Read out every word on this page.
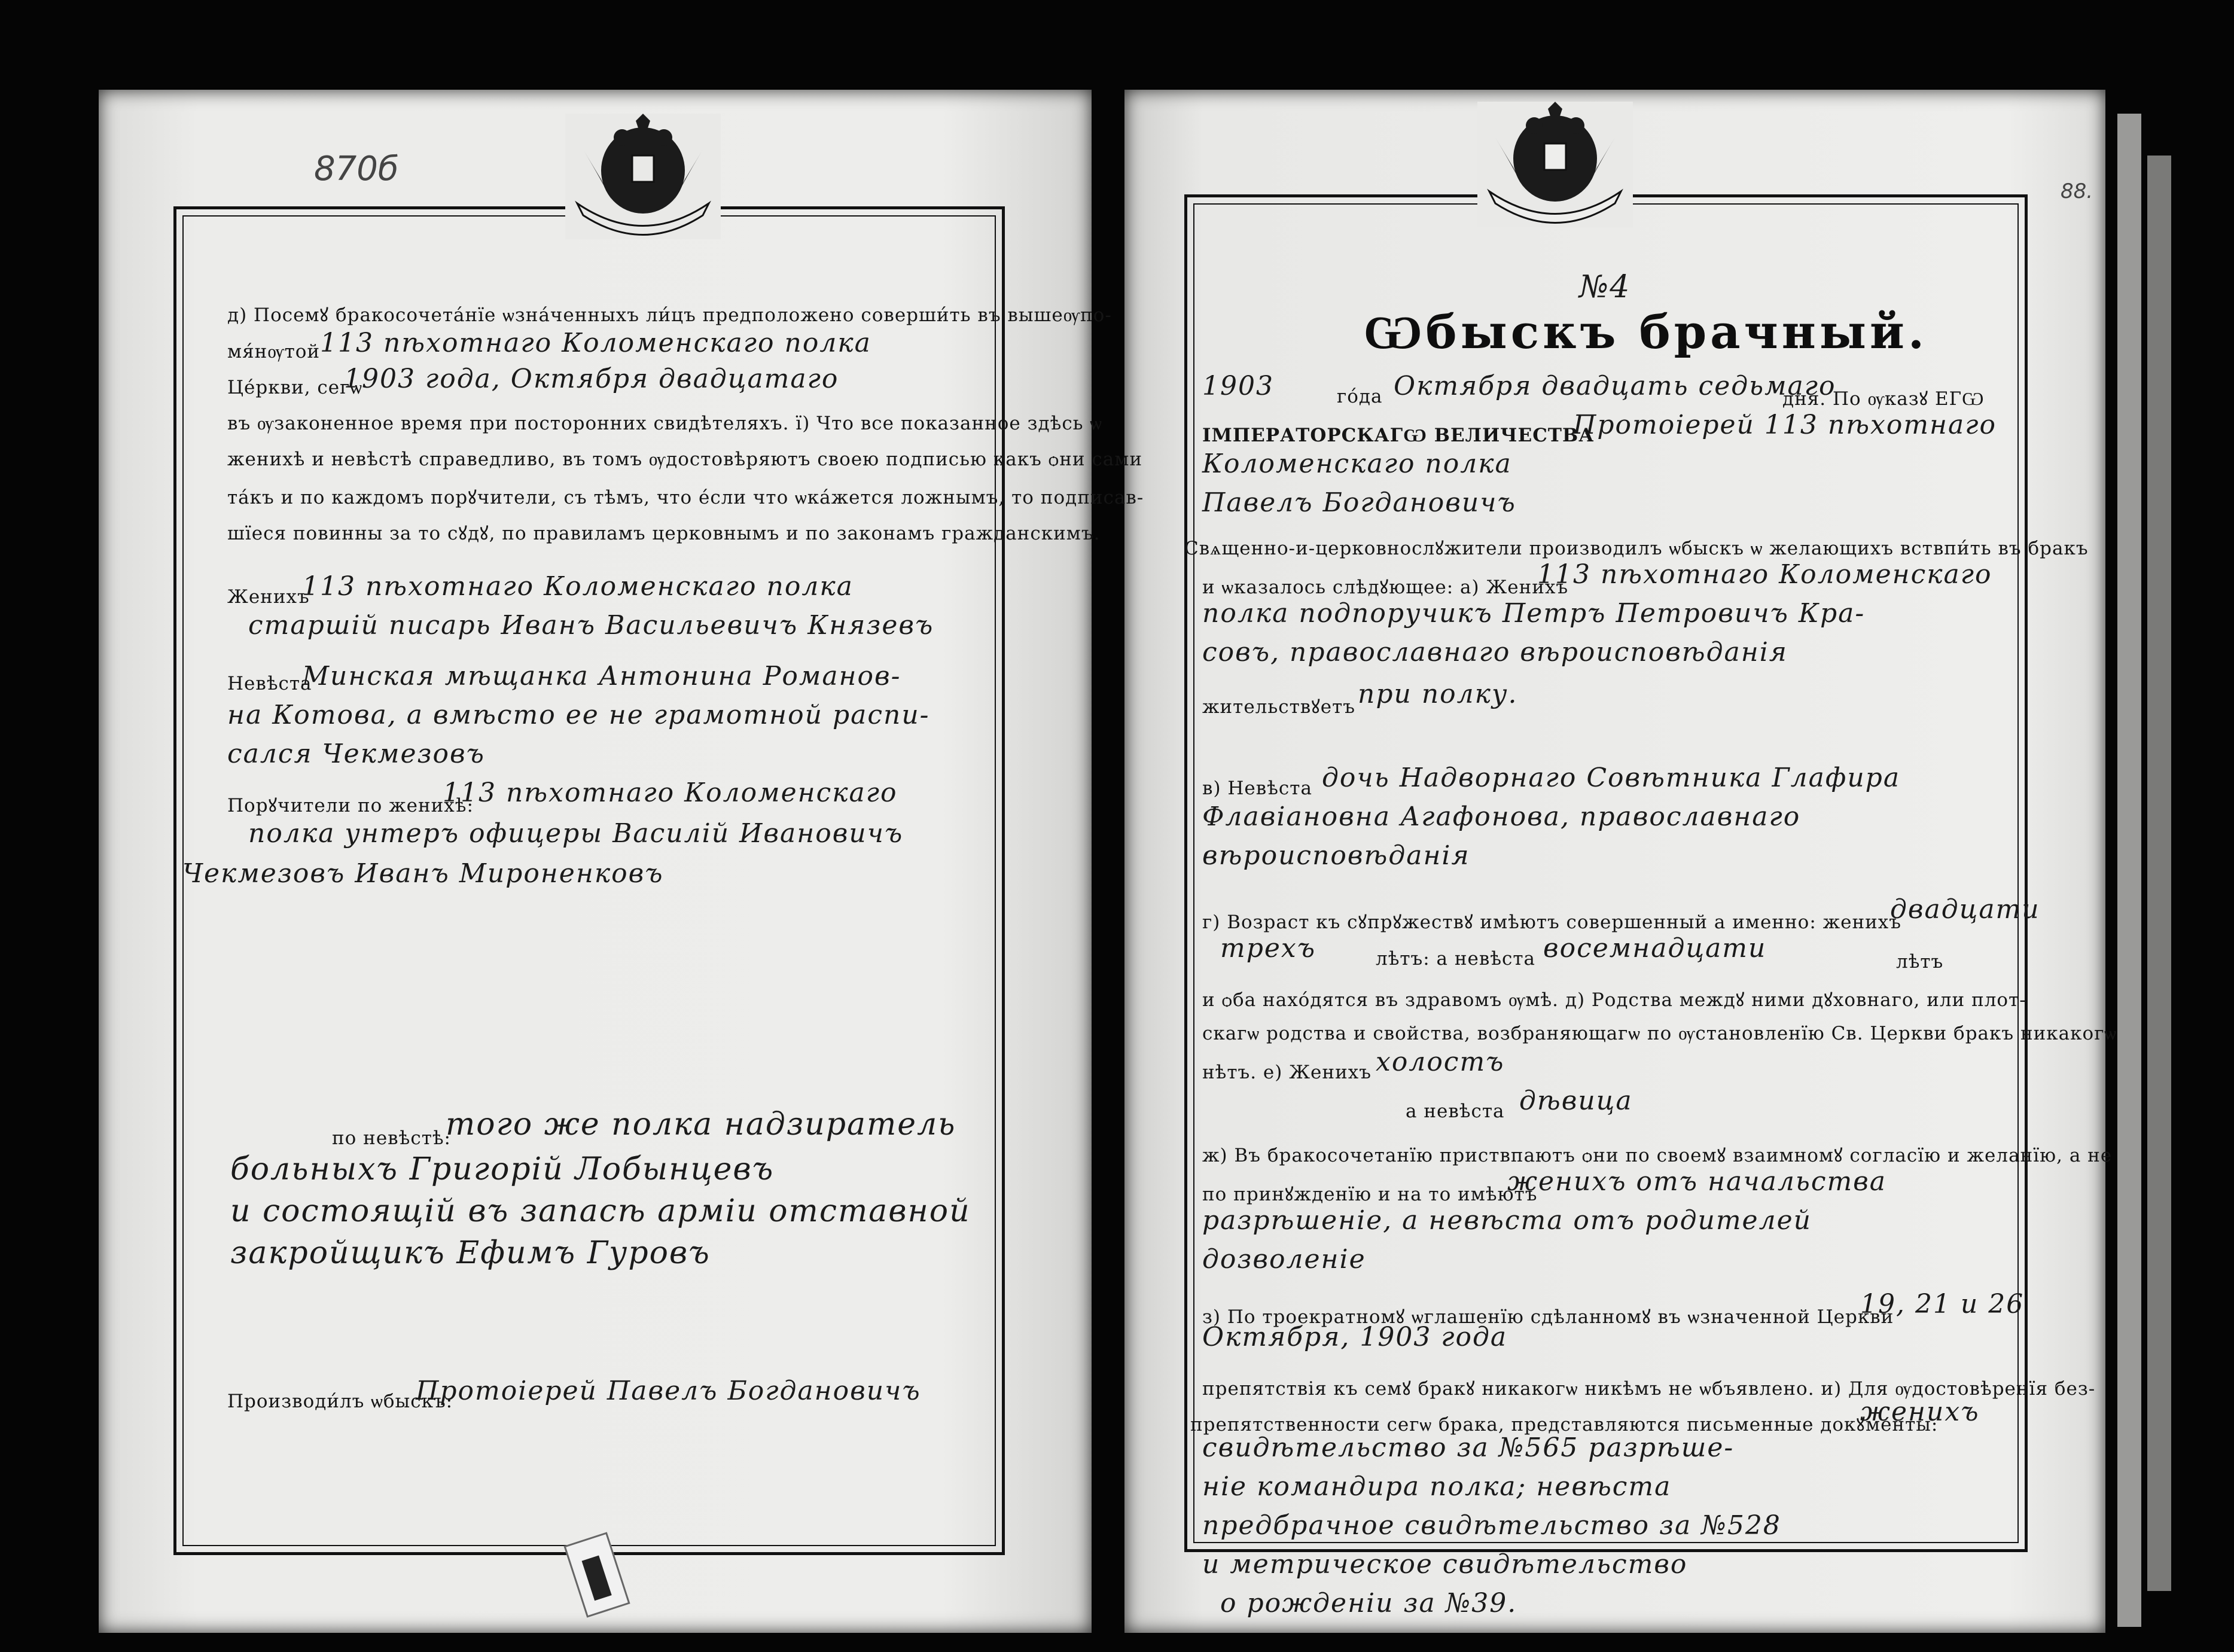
870б
д) Посемꙋ бракосочета́нїе ѡзна́ченныхъ ли́цъ предположено соверши́ть въ вышеѹпо-
мя́нѹтой 113 пѣхотнаго Коломенскаго полка
Це́ркви, сегѡ
1903 года, Октября двадцатаго
въ ѹзаконенное время при посторонних свидѣтеляхъ. ї) Что все показанное здѣсь ѡ
женихѣ и невѣстѣ справедливо, въ томъ ѹдостовѣряютъ своею подписью какъ ѻни сами
та́къ и по каждомъ порꙋчители, съ тѣмъ, что е́сли что ѡка́жется ложнымъ, то подписав-
шїеся повинны за то сꙋдꙋ, по правиламъ церковнымъ и по законамъ гражданскимъ.
Женихъ
113 пѣхотнаго Коломенскаго полка
старшiй писарь Иванъ Васильевичъ Князевъ
Невѣста
Минская мѣщанка Антонина Романов-
на Котова, а вмѣсто ее не грамотной распи-
сался Чекмезовъ
Порꙋчители по женихѣ:
113 пѣхотнаго Коломенскаго
полка унтеръ офицеры Василiй Ивановичъ
Чекмезовъ Иванъ Мироненковъ
по невѣстѣ:
того же полка надзиратель
больныхъ Григорiй Лобынцевъ
и состоящiй въ запасѣ армiи отставной
закройщикъ Ефимъ Гуровъ
Производи́лъ ѡбыскъ:
Протоiерей Павелъ Богдановичъ
88.
№4
Ѡбыскъ брачный.
1903	го́да Октября двадцать седьмаго
дня. По ѹказꙋ ЕГѠ
ІМПЕРАТОРСКАГѠ ВЕЛИЧЕСТВА
Протоiерей 113 пѣхотнаго
Коломенскаго полка
Павелъ Богдановичъ
Свѧщенно-и-церковнослꙋжители производилъ ѡбыскъ ѡ желающихъ вствпи́ть въ бракъ
и ѡказалось слѣдꙋющее: а) Женихъ
113 пѣхотнаго Коломенскаго
полка подпоручикъ Петръ Петровичъ Кра-
совъ, православнаго вѣроисповѣданiя
жительствꙋетъ при полку.
в) Невѣста дочь Надворнаго Совѣтника Глафира
Флавiановна Агафонова, православнаго
вѣроисповѣданiя
г) Возраст къ сꙋпрꙋжествꙋ имѣютъ совершенный а именно: женихъ
двадцати
трехъ	лѣтъ: а невѣста восемнадцати	лѣтъ
и ѻба нахо́дятся въ здравомъ ѹмѣ. д) Родства междꙋ ними дꙋховнаго, или плот-
скагѡ родства и свойства, возбраняющагѡ по ѹстановленїю Св. Церкви бракъ никакогѡ
нѣтъ. е) Женихъ холостъ
а невѣста дѣвица
ж) Въ бракосочетанїю приствпаютъ ѻни по своемꙋ взаимномꙋ согласїю и желанїю, а не
по принꙋжденїю и на то имѣютъ
женихъ отъ начальства
разрѣшенiе, а невѣста отъ родителей
дозволенiе
з) По троекратномꙋ ѡглашенїю сдѣланномꙋ въ ѡзначенной Церкви
19, 21 и 26
Октября, 1903 года
препятствiя къ семꙋ бракꙋ никакогѡ никѣмъ не ѡбъявлено. и) Для ѹдостовѣренїя без-
препятственности сегѡ брака, представляются письменные докꙋменты:
женихъ
свидѣтельство за №565 разрѣше-
нiе командира полка; невѣста
предбрачное свидѣтельство за №528
и метрическое свидѣтельство
о рожденiи за №39.
